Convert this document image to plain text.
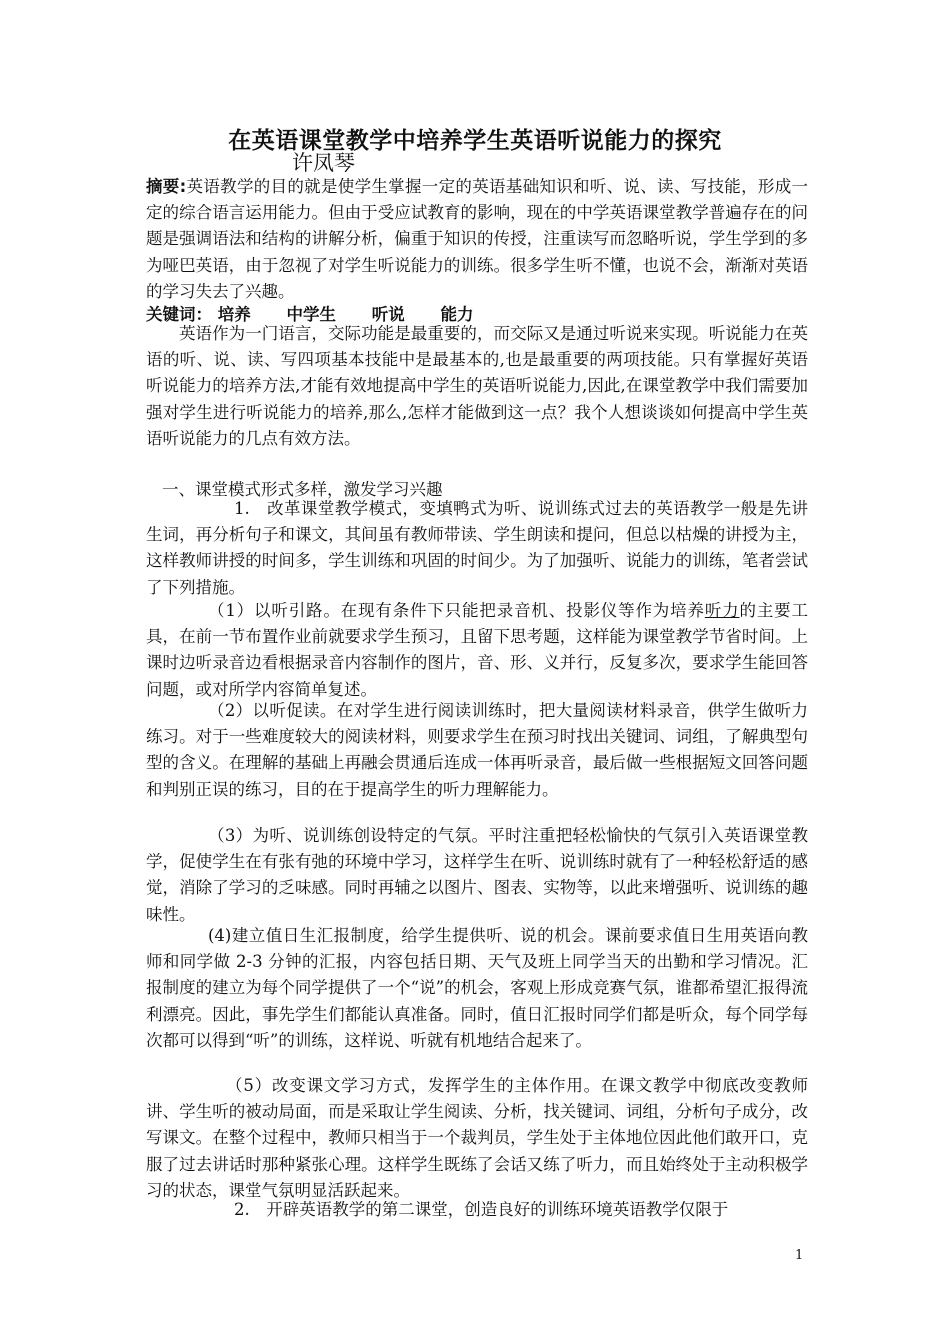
在英语课堂教学中培养学生英语听说能力的探究
许凤琴
摘要:英语教学的目的就是使学生掌握一定的英语基础知识和听、说、读、写技能，形成一定的综合语言运用能力。但由于受应试教育的影响，现在的中学英语课堂教学普遍存在的问题是强调语法和结构的讲解分析，偏重于知识的传授，注重读写而忽略听说，学生学到的多为哑巴英语，由于忽视了对学生听说能力的训练。很多学生听不懂，也说不会，渐渐对英语的学习失去了兴趣。
关键词： 培养 中学生 听说 能力
英语作为一门语言，交际功能是最重要的，而交际又是通过听说来实现。听说能力在英语的听、说、读、写四项基本技能中是最基本的,也是最重要的两项技能。只有掌握好英语听说能力的培养方法,才能有效地提高中学生的英语听说能力,因此,在课堂教学中我们需要加强对学生进行听说能力的培养,那么,怎样才能做到这一点？我个人想谈谈如何提高中学生英语听说能力的几点有效方法。
一、课堂模式形式多样，激发学习兴趣
1.　改革课堂教学模式，变填鸭式为听、说训练式过去的英语教学一般是先讲生词，再分析句子和课文，其间虽有教师带读、学生朗读和提问，但总以枯燥的讲授为主，这样教师讲授的时间多，学生训练和巩固的时间少。为了加强听、说能力的训练，笔者尝试了下列措施。
（1）以听引路。在现有条件下只能把录音机、投影仪等作为培养听力的主要工具，在前一节布置作业前就要求学生预习，且留下思考题，这样能为课堂教学节省时间。上课时边听录音边看根据录音内容制作的图片，音、形、义并行，反复多次，要求学生能回答问题，或对所学内容简单复述。
（2）以听促读。在对学生进行阅读训练时，把大量阅读材料录音，供学生做听力练习。对于一些难度较大的阅读材料，则要求学生在预习时找出关键词、词组，了解典型句型的含义。在理解的基础上再融会贯通后连成一体再听录音，最后做一些根据短文回答问题和判别正误的练习，目的在于提高学生的听力理解能力。
（3）为听、说训练创设特定的气氛。平时注重把轻松愉快的气氛引入英语课堂教学，促使学生在有张有弛的环境中学习，这样学生在听、说训练时就有了一种轻松舒适的感觉，消除了学习的乏味感。同时再辅之以图片、图表、实物等，以此来增强听、说训练的趣味性。
(4)建立值日生汇报制度，给学生提供听、说的机会。课前要求值日生用英语向教师和同学做 2-3 分钟的汇报，内容包括日期、天气及班上同学当天的出勤和学习情况。汇报制度的建立为每个同学提供了一个“说”的机会，客观上形成竞赛气氛，谁都希望汇报得流利漂亮。因此，事先学生们都能认真准备。同时，值日汇报时同学们都是听众，每个同学每次都可以得到“听”的训练，这样说、听就有机地结合起来了。
（5）改变课文学习方式，发挥学生的主体作用。在课文教学中彻底改变教师讲、学生听的被动局面，而是采取让学生阅读、分析，找关键词、词组，分析句子成分，改写课文。在整个过程中，教师只相当于一个裁判员，学生处于主体地位因此他们敢开口，克服了过去讲话时那种紧张心理。这样学生既练了会话又练了听力，而且始终处于主动积极学习的状态，课堂气氛明显活跃起来。
2.　开辟英语教学的第二课堂，创造良好的训练环境英语教学仅限于
1
